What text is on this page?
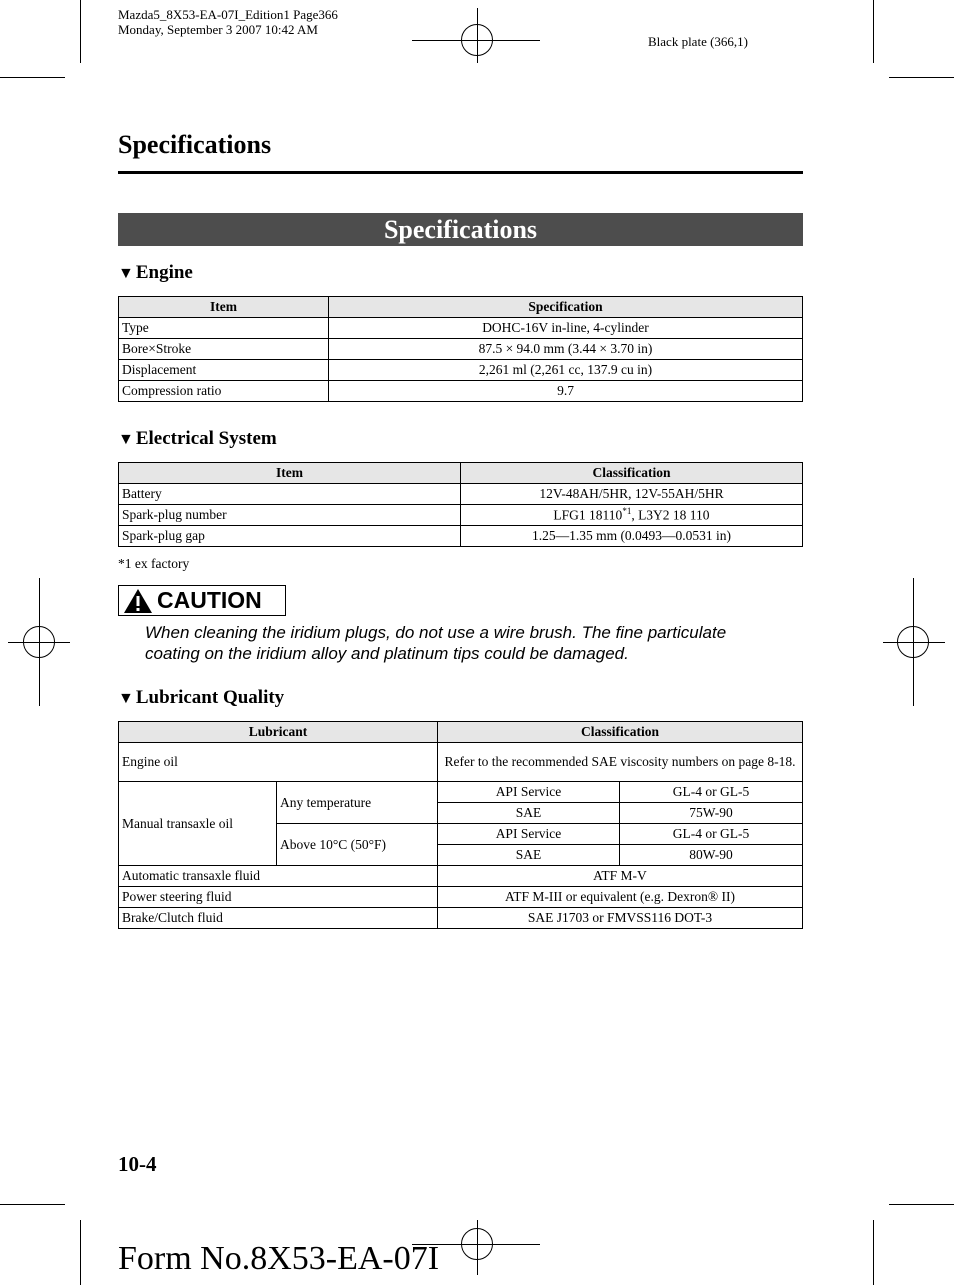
Mazda5_8X53-EA-07I_Edition1 Page366
Monday, September 3 2007 10:42 AM
Black plate (366,1)
Specifications
Specifications
▼ Engine
Item	Specification
Type	DOHC-16V in-line, 4-cylinder
Bore×Stroke	87.5 × 94.0 mm (3.44 × 3.70 in)
Displacement	2,261 ml (2,261 cc, 137.9 cu in)
Compression ratio	9.7
▼ Electrical System
Item	Classification
Battery	12V-48AH/5HR, 12V-55AH/5HR
Spark-plug number	LFG1 18110$^{*1}$, L3Y2 18 110
Spark-plug gap	1.25—1.35 mm (0.0493—0.0531 in)
*1 ex factory
CAUTION
When cleaning the iridium plugs, do not use a wire brush. The fine particulate coating on the iridium alloy and platinum tips could be damaged.
▼ Lubricant Quality
Lubricant		Classification	
Engine oil		Refer to the recommended SAE viscosity numbers on page 8-18.	
Manual transaxle oil	Any temperature	API Service	GL-4 or GL-5
		SAE	75W-90
	Above 10°C (50°F)	API Service	GL-4 or GL-5
		SAE	80W-90
Automatic transaxle fluid		ATF M-V	
Power steering fluid		ATF M-III or equivalent (e.g. Dexron® II)	
Brake/Clutch fluid		SAE J1703 or FMVSS116 DOT-3	
10-4
Form No.8X53-EA-07I
